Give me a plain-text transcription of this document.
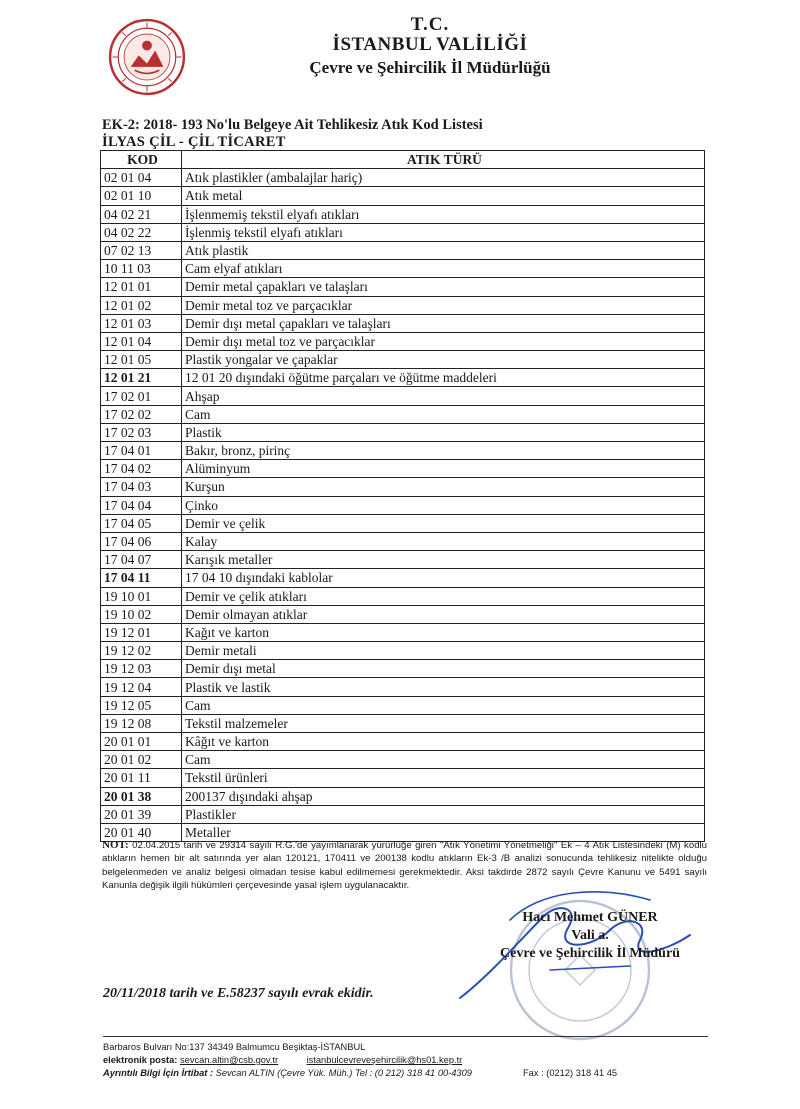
T.C.
İSTANBUL VALİLİĞİ
Çevre ve Şehircilik İl Müdürlüğü
EK-2: 2018- 193 No'lu Belgeye Ait Tehlikesiz Atık Kod Listesi
İLYAS ÇİL - ÇİL TİCARET
KOD	ATIK TÜRÜ
02 01 04	Atık plastikler (ambalajlar hariç)
02 01 10	Atık metal
04 02 21	İşlenmemiş tekstil elyafı atıkları
04 02 22	İşlenmiş tekstil elyafı atıkları
07 02 13	Atık plastik
10 11 03	Cam elyaf atıkları
12 01 01	Demir metal çapakları ve talaşları
12 01 02	Demir metal toz ve parçacıklar
12 01 03	Demir dışı metal çapakları ve talaşları
12 01 04	Demir dışı metal toz ve parçacıklar
12 01 05	Plastik yongalar ve çapaklar
12 01 21	12 01 20 dışındaki öğütme parçaları ve öğütme maddeleri
17 02 01	Ahşap
17 02 02	Cam
17 02 03	Plastik
17 04 01	Bakır, bronz, pirinç
17 04 02	Alüminyum
17 04 03	Kurşun
17 04 04	Çinko
17 04 05	Demir ve çelik
17 04 06	Kalay
17 04 07	Karışık metaller
17 04 11	17 04 10 dışındaki kablolar
19 10 01	Demir ve çelik atıkları
19 10 02	Demir olmayan atıklar
19 12 01	Kağıt ve karton
19 12 02	Demir metali
19 12 03	Demir dışı metal
19 12 04	Plastik ve lastik
19 12 05	Cam
19 12 08	Tekstil malzemeler
20 01 01	Kâğıt ve karton
20 01 02	Cam
20 01 11	Tekstil ürünleri
20 01 38	200137 dışındaki ahşap
20 01 39	Plastikler
20 01 40	Metaller
NOT: 02.04.2015 tarih ve 29314 sayılı R.G.'de yayımlanarak yürürlüğe giren "Atık Yönetimi Yönetmeliği" Ek – 4 Atık Listesindeki (M) kodlu atıkların hemen bir alt satırında yer alan 120121, 170411 ve 200138 kodlu atıkların Ek-3 /B analizi sonucunda tehlikesiz nitelikte olduğu belgelenmeden ve analiz belgesi olmadan tesise kabul edilmemesi gerekmektedir. Aksi takdirde 2872 sayılı Çevre Kanunu ve 5491 sayılı Kanunla değişik ilgili hükümleri çerçevesinde yasal işlem uygulanacaktır.
Hacı Mehmet GÜNER
Vali a.
Çevre ve Şehircilik İl Müdürü
20/11/2018 tarih ve E.58237 sayılı evrak ekidir.
Barbaros Bulvarı No:137 34349 Balmumcu Beşiktaş-İSTANBUL
elektronik posta: sevcan.altin@csb.gov.tr	istanbulcevreveşehircilik@hs01.kep.tr
Ayrıntılı Bilgi İçin İrtibat : Sevcan ALTIN (Çevre Yük. Müh.) Tel : (0 212) 318 41 00-4309	Fax : (0212) 318 41 45
